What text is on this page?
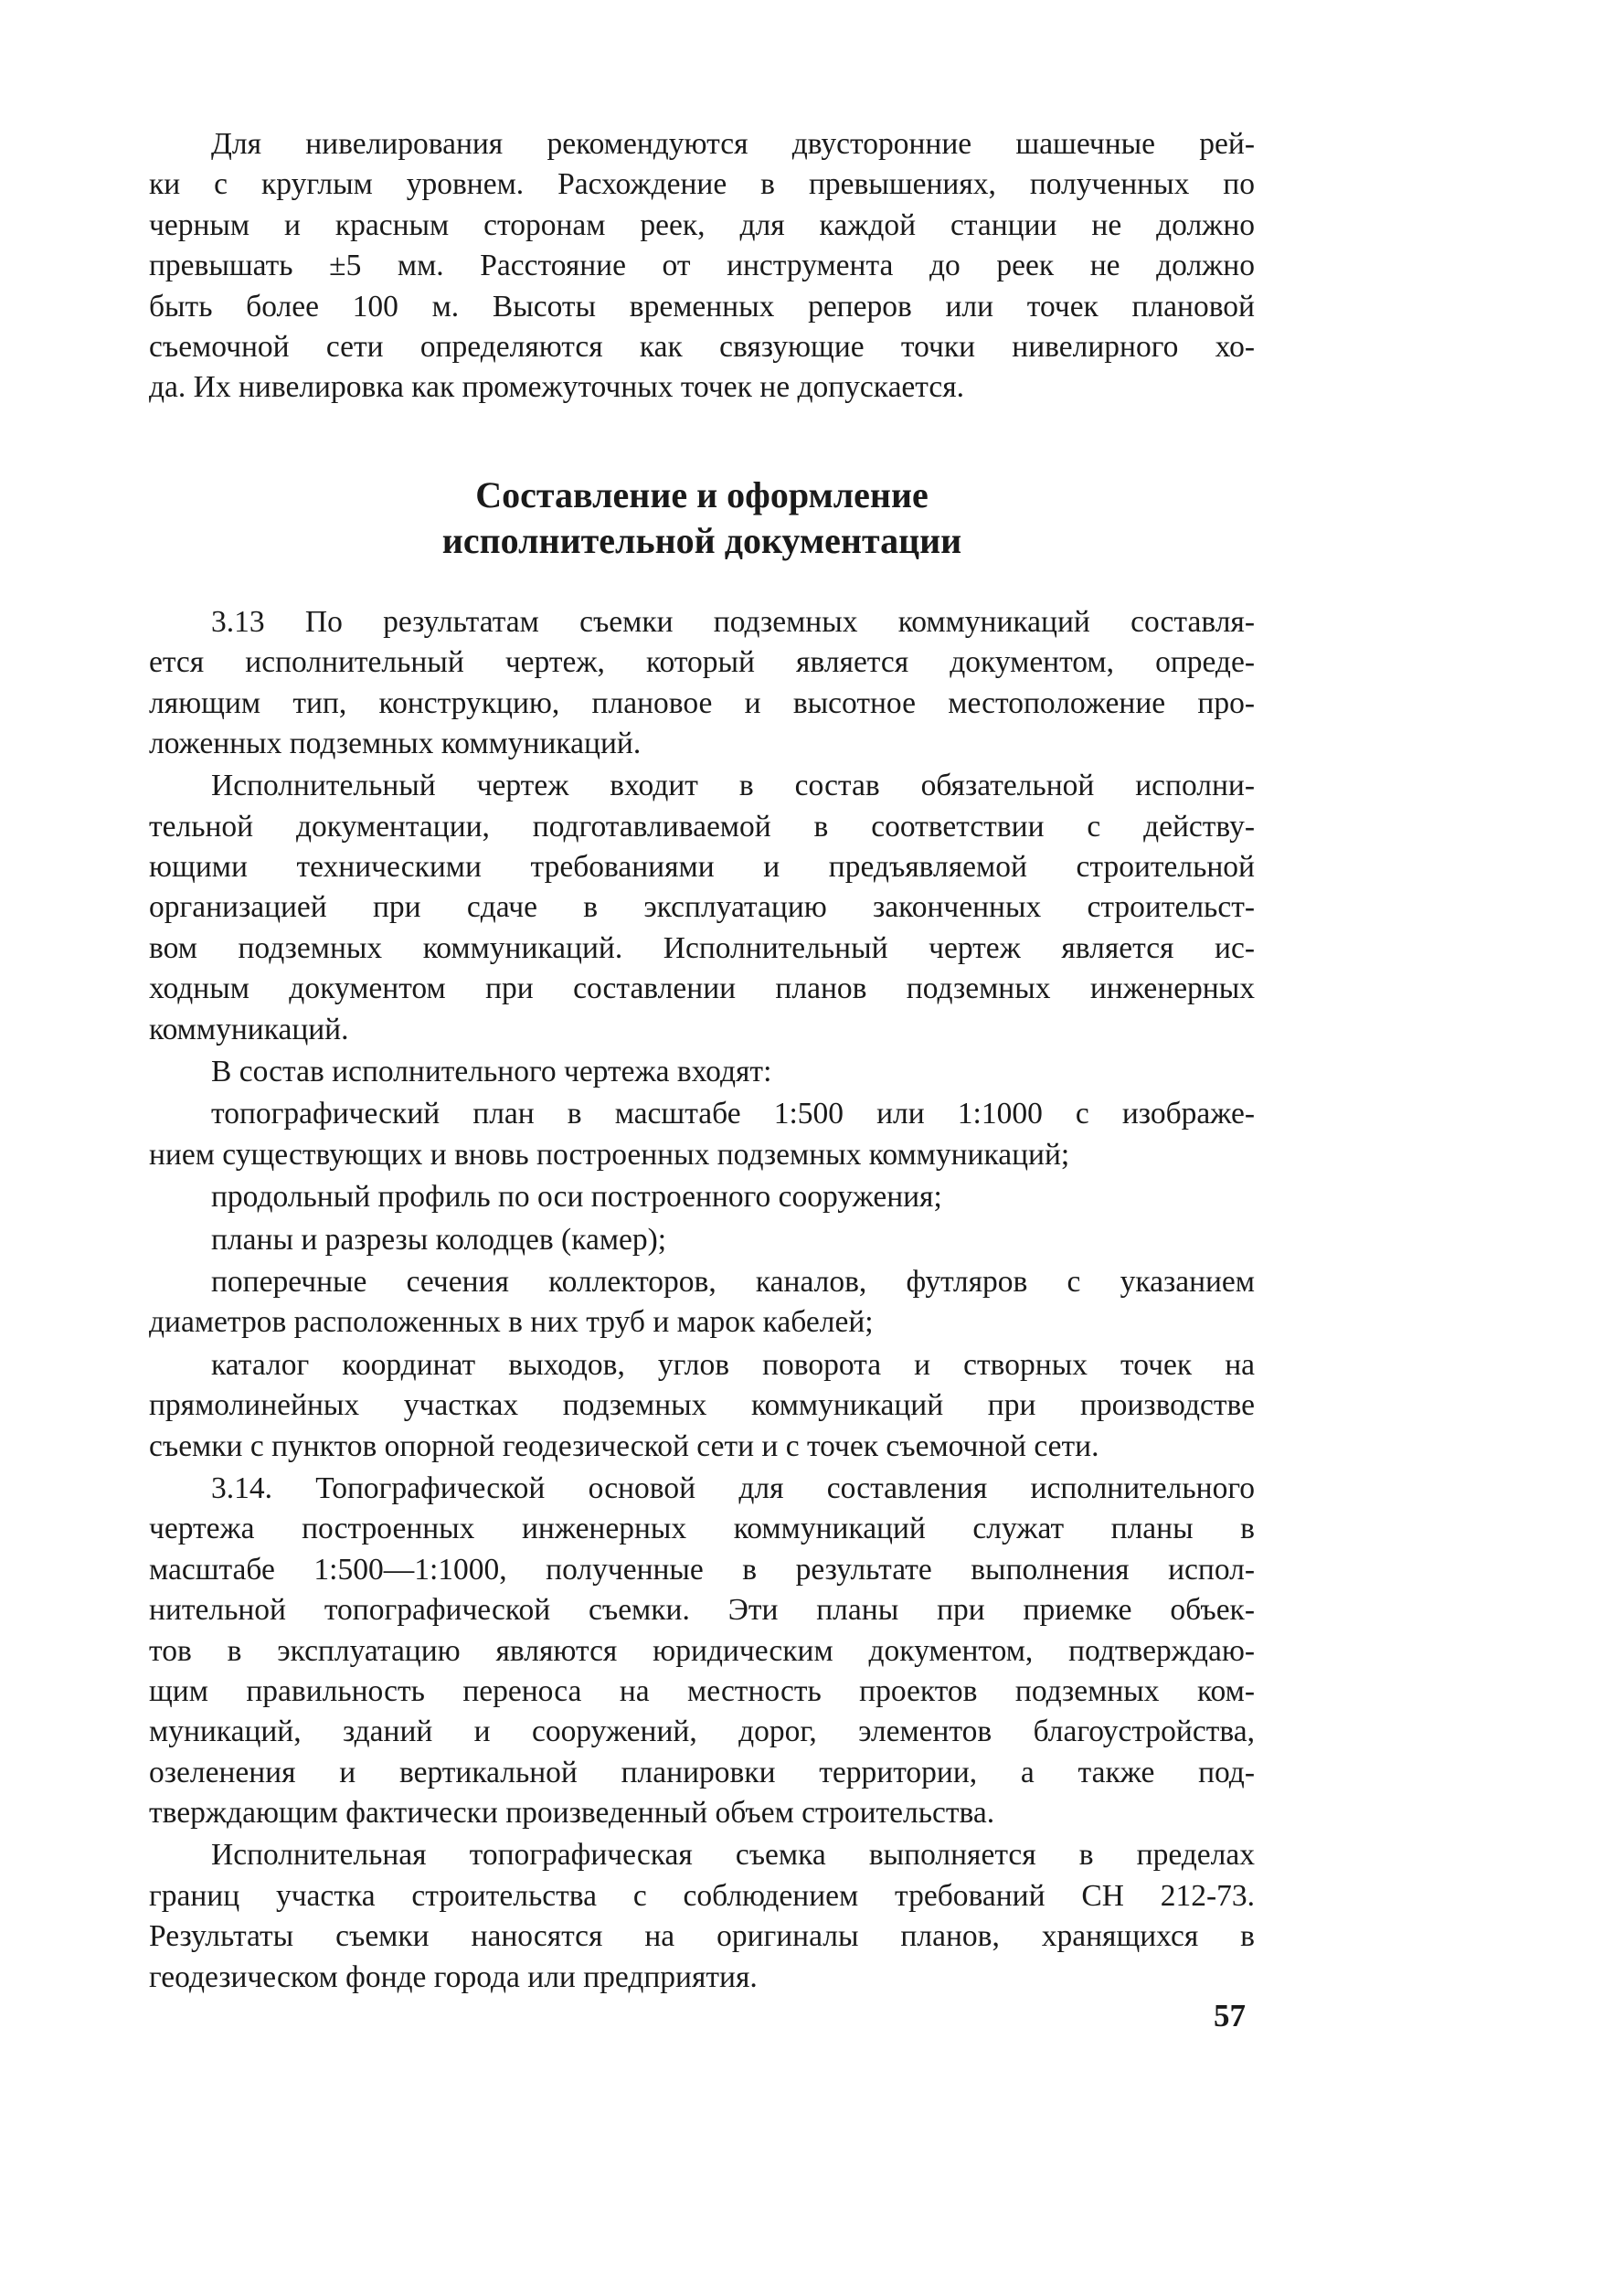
Для нивелирования рекомендуются двусторонние шашечные рей-
ки с круглым уровнем. Расхождение в превышениях, полученных по
черным и красным сторонам реек, для каждой станции не должно
превышать ±5 мм. Расстояние от инструмента до реек не должно
быть более 100 м. Высоты временных реперов или точек плановой
съемочной сети определяются как связующие точки нивелирного хо-
да. Их нивелировка как промежуточных точек не допускается.
Составление и оформление
исполнительной документации
3.13 По результатам съемки подземных коммуникаций составля-
ется исполнительный чертеж, который является документом, опреде-
ляющим тип, конструкцию, плановое и высотное местоположение про-
ложенных подземных коммуникаций.
Исполнительный чертеж входит в состав обязательной исполни-
тельной документации, подготавливаемой в соответствии с действу-
ющими техническими требованиями и предъявляемой строительной
организацией при сдаче в эксплуатацию законченных строительст-
вом подземных коммуникаций. Исполнительный чертеж является ис-
ходным документом при составлении планов подземных инженерных
коммуникаций.
В состав исполнительного чертежа входят:
топографический план в масштабе 1:500 или 1:1000 с изображе-
нием существующих и вновь построенных подземных коммуникаций;
продольный профиль по оси построенного сооружения;
планы и разрезы колодцев (камер);
поперечные сечения коллекторов, каналов, футляров с указанием
диаметров расположенных в них труб и марок кабелей;
каталог координат выходов, углов поворота и створных точек на
прямолинейных участках подземных коммуникаций при производстве
съемки с пунктов опорной геодезической сети и с точек съемочной сети.
3.14. Топографической основой для составления исполнительного
чертежа построенных инженерных коммуникаций служат планы в
масштабе 1:500—1:1000, полученные в результате выполнения испол-
нительной топографической съемки. Эти планы при приемке объек-
тов в эксплуатацию являются юридическим документом, подтверждаю-
щим правильность переноса на местность проектов подземных ком-
муникаций, зданий и сооружений, дорог, элементов благоустройства,
озеленения и вертикальной планировки территории, а также под-
тверждающим фактически произведенный объем строительства.
Исполнительная топографическая съемка выполняется в пределах
границ участка строительства с соблюдением требований СН 212-73.
Результаты съемки наносятся на оригиналы планов, хранящихся в
геодезическом фонде города или предприятия.
57
